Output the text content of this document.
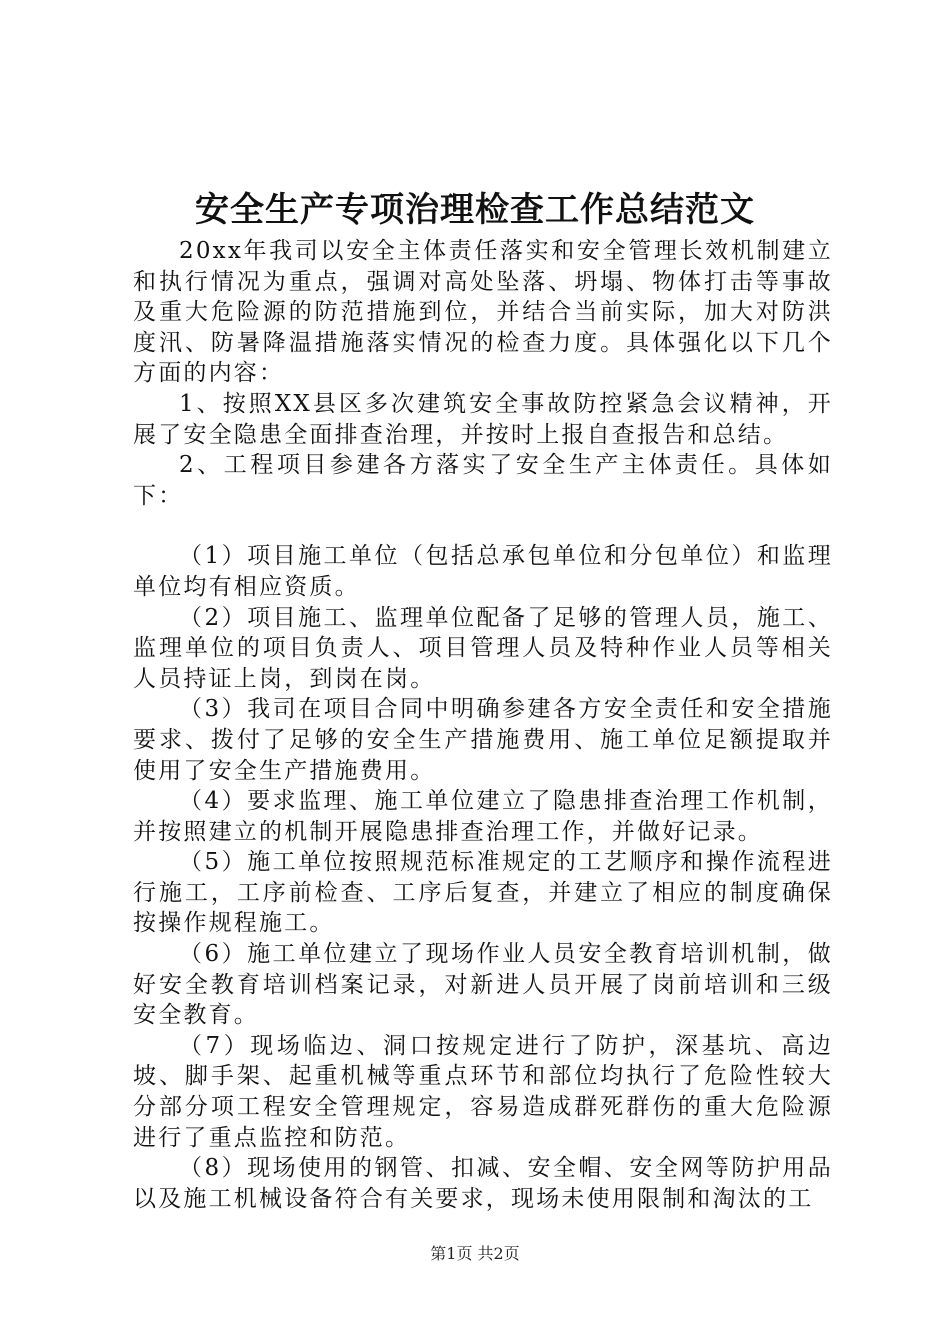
安全生产专项治理检查工作总结范文

20xx年我司以安全主体责任落实和安全管理长效机制建立和执行情况为重点，强调对高处坠落、坍塌、物体打击等事故及重大危险源的防范措施到位，并结合当前实际，加大对防洪度汛、防暑降温措施落实情况的检查力度。具体强化以下几个方面的内容：

1、按照XX县区多次建筑安全事故防控紧急会议精神，开展了安全隐患全面排查治理，并按时上报自查报告和总结。

2、工程项目参建各方落实了安全生产主体责任。具体如下：

（1）项目施工单位（包括总承包单位和分包单位）和监理单位均有相应资质。

（2）项目施工、监理单位配备了足够的管理人员，施工、监理单位的项目负责人、项目管理人员及特种作业人员等相关人员持证上岗，到岗在岗。

（3）我司在项目合同中明确参建各方安全责任和安全措施要求、拨付了足够的安全生产措施费用、施工单位足额提取并使用了安全生产措施费用。

（4）要求监理、施工单位建立了隐患排查治理工作机制，并按照建立的机制开展隐患排查治理工作，并做好记录。

（5）施工单位按照规范标准规定的工艺顺序和操作流程进行施工，工序前检查、工序后复查，并建立了相应的制度确保按操作规程施工。

（6）施工单位建立了现场作业人员安全教育培训机制，做好安全教育培训档案记录，对新进人员开展了岗前培训和三级安全教育。

（7）现场临边、洞口按规定进行了防护，深基坑、高边坡、脚手架、起重机械等重点环节和部位均执行了危险性较大分部分项工程安全管理规定，容易造成群死群伤的重大危险源进行了重点监控和防范。

（8）现场使用的钢管、扣减、安全帽、安全网等防护用品以及施工机械设备符合有关要求，现场未使用限制和淘汰的工

第1页 共2页
